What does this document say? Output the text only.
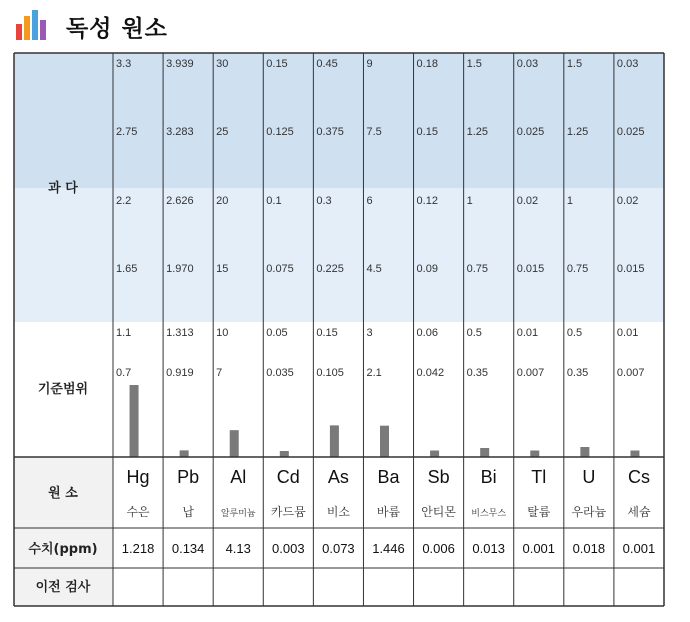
독성 원소
3.3
2.75
2.2
1.65
1.1
0.7
3.939
3.283
2.626
1.970
1.313
0.919
30
25
20
15
10
7
0.15
0.125
0.1
0.075
0.05
0.035
0.45
0.375
0.3
0.225
0.15
0.105
9
7.5
6
4.5
3
2.1
0.18
0.15
0.12
0.09
0.06
0.042
1.5
1.25
1
0.75
0.5
0.35
0.03
0.025
0.02
0.015
0.01
0.007
1.5
1.25
1
0.75
0.5
0.35
0.03
0.025
0.02
0.015
0.01
0.007
과 다
기준범위
원 소
수치(ppm)
이전 검사
Hg
수은
1.218
Pb
납
0.134
Al
알루미늄
4.13
Cd
카드뮴
0.003
As
비소
0.073
Ba
바륨
1.446
Sb
안티몬
0.006
Bi
비스무스
0.013
Tl
탈륨
0.001
U
우라늄
0.018
Cs
세슘
0.001
